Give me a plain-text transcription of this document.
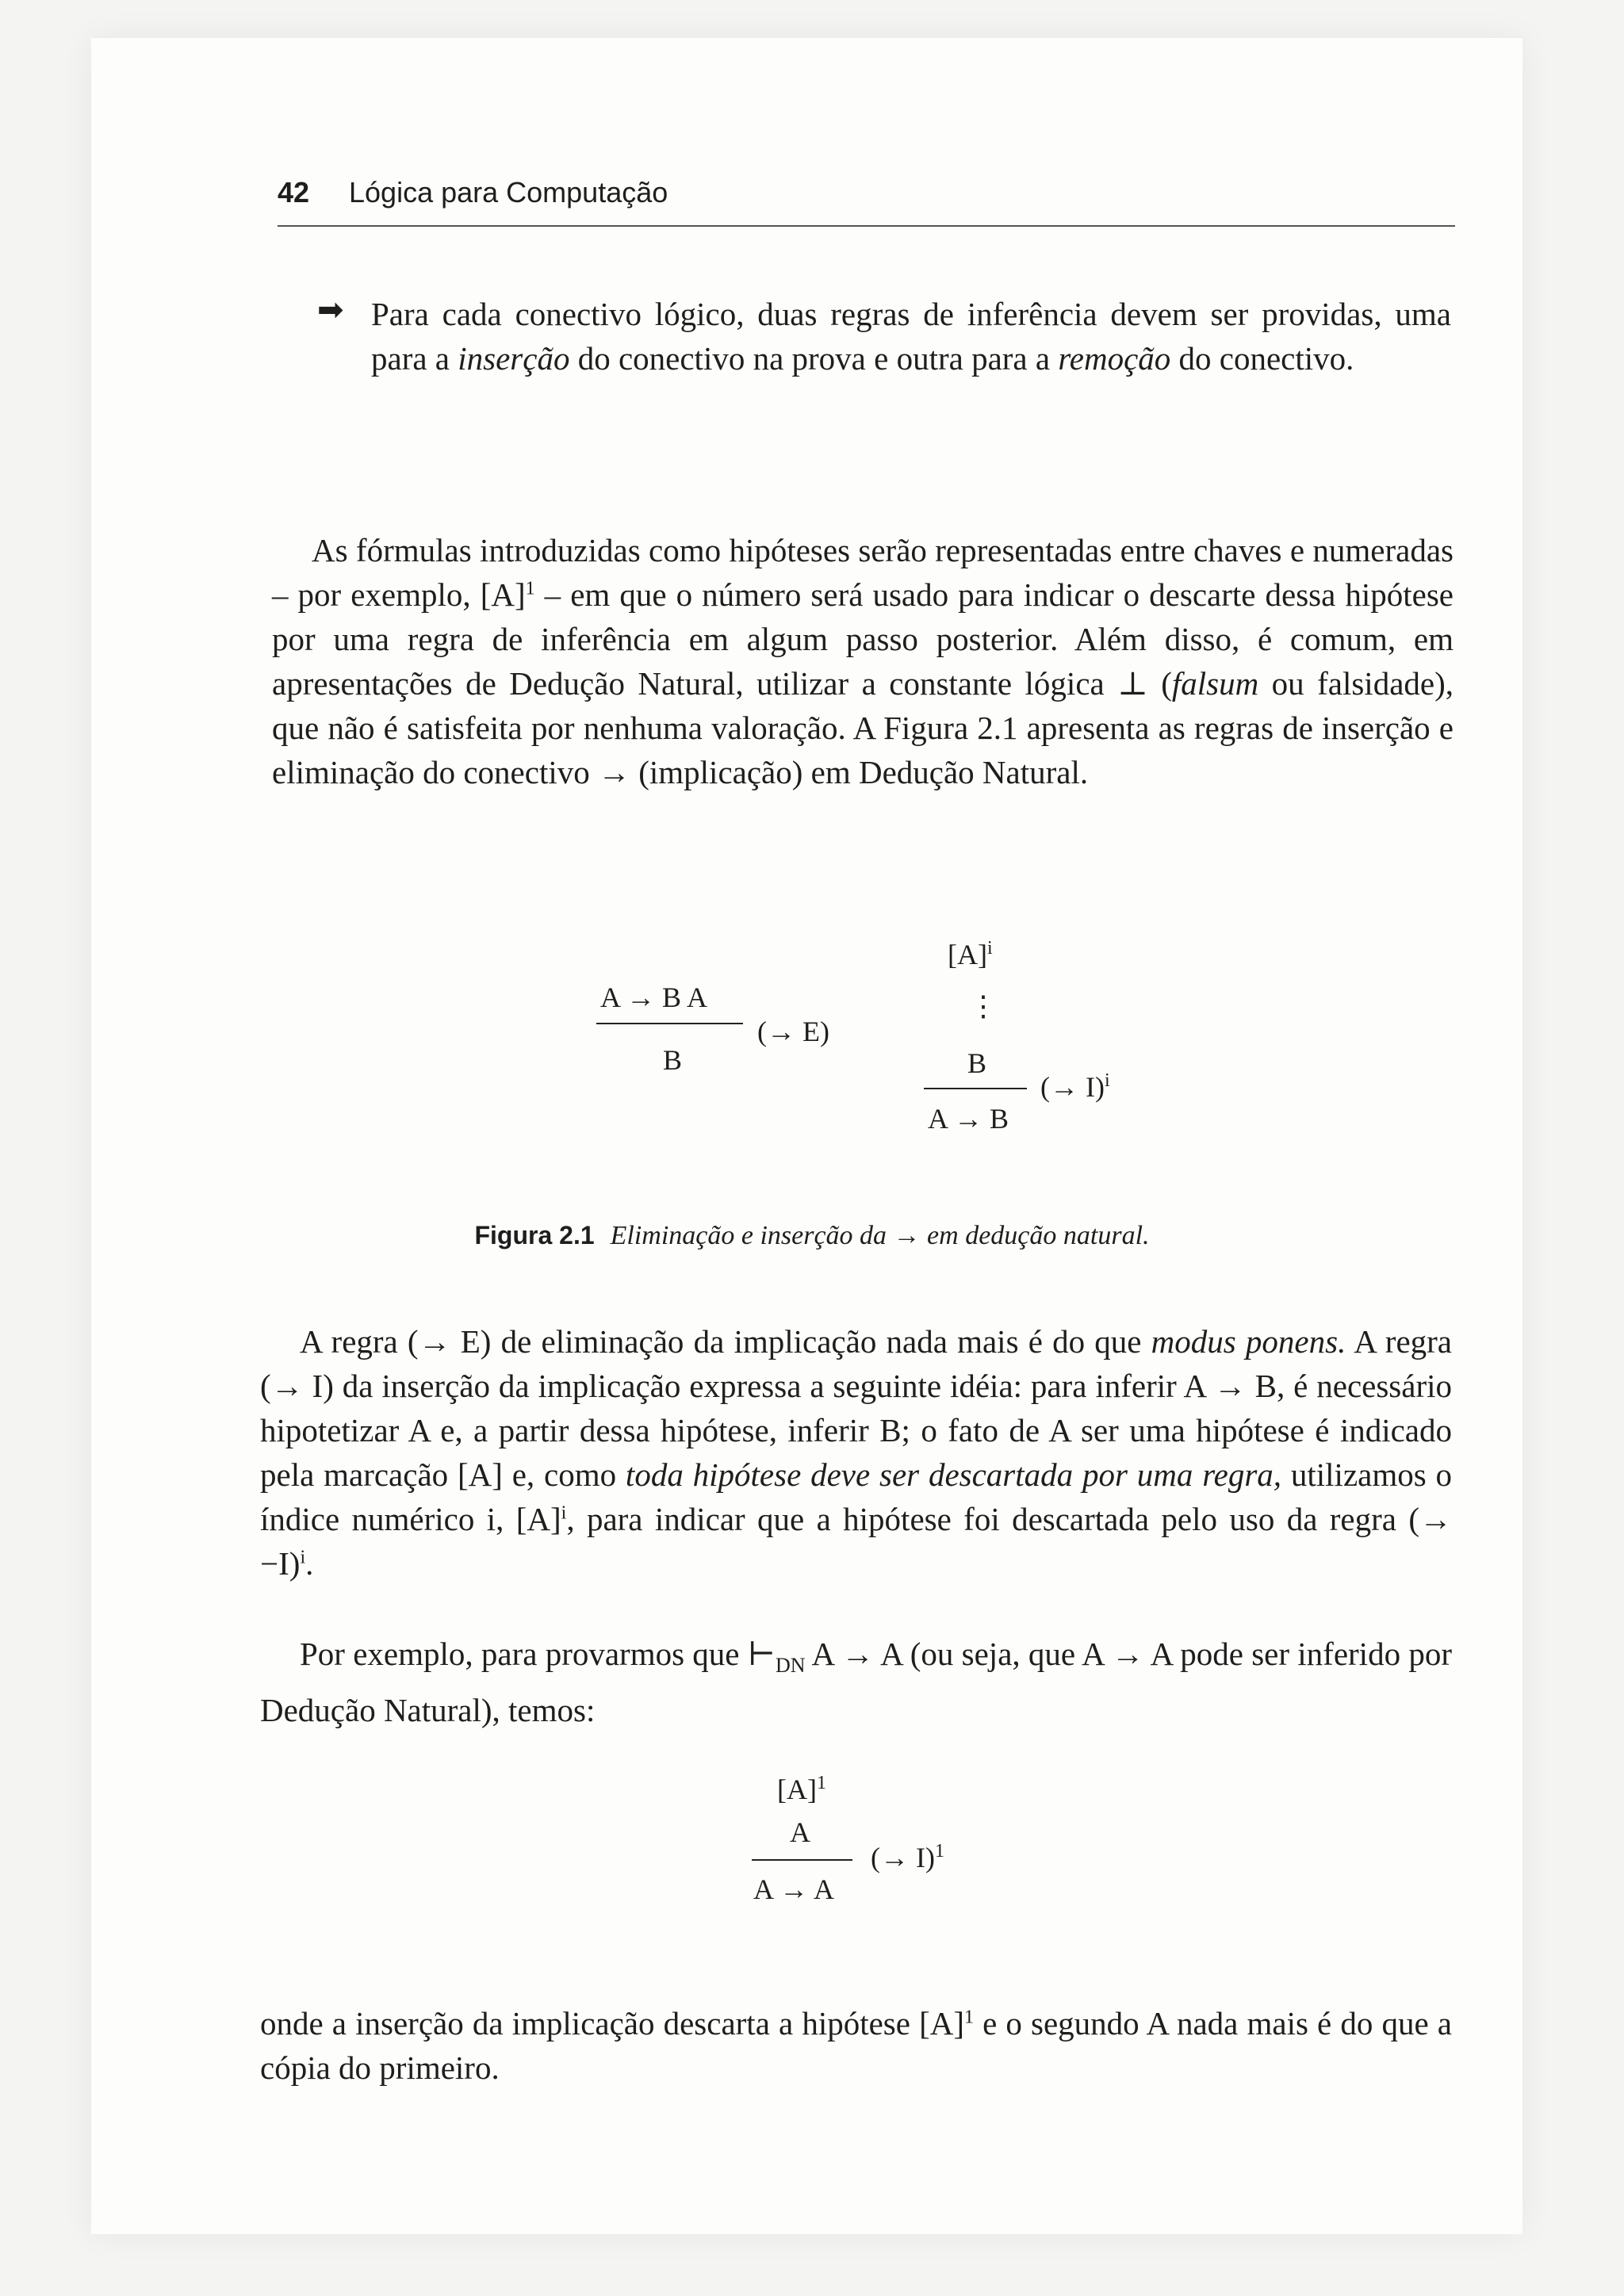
42 Lógica para Computação
➡ Para cada conectivo lógico, duas regras de inferência devem ser providas, uma para a inserção do conectivo na prova e outra para a remoção do conectivo.
As fórmulas introduzidas como hipóteses serão representadas entre chaves e numeradas – por exemplo, $[A]^1$ – em que o número será usado para indicar o descarte dessa hipótese por uma regra de inferência em algum passo posterior. Além disso, é comum, em apresentações de Dedução Natural, utilizar a constante lógica ⊥ (falsum ou falsidade), que não é satisfeita por nenhuma valoração. A Figura 2.1 apresenta as regras de inserção e eliminação do conectivo → (implicação) em Dedução Natural.
A → B A
B
(→ E)
$[A]^i$
⋮
B
A → B
(→ I)$^i$
Figura 2.1 Eliminação e inserção da → em dedução natural.
A regra (→ E) de eliminação da implicação nada mais é do que modus ponens. A regra (→ I) da inserção da implicação expressa a seguinte idéia: para inferir A → B, é necessário hipotetizar A e, a partir dessa hipótese, inferir B; o fato de A ser uma hipótese é indicado pela marcação [A] e, como toda hipótese deve ser descartada por uma regra, utilizamos o índice numérico i, $[A]^i$, para indicar que a hipótese foi descartada pelo uso da regra (→ −I)$^i$.
Por exemplo, para provarmos que $⊢_{DN}$ A → A (ou seja, que A → A pode ser inferido por Dedução Natural), temos:
$[A]^1$
A
A → A
(→ I)$^1$
onde a inserção da implicação descarta a hipótese $[A]^1$ e o segundo A nada mais é do que a cópia do primeiro.
